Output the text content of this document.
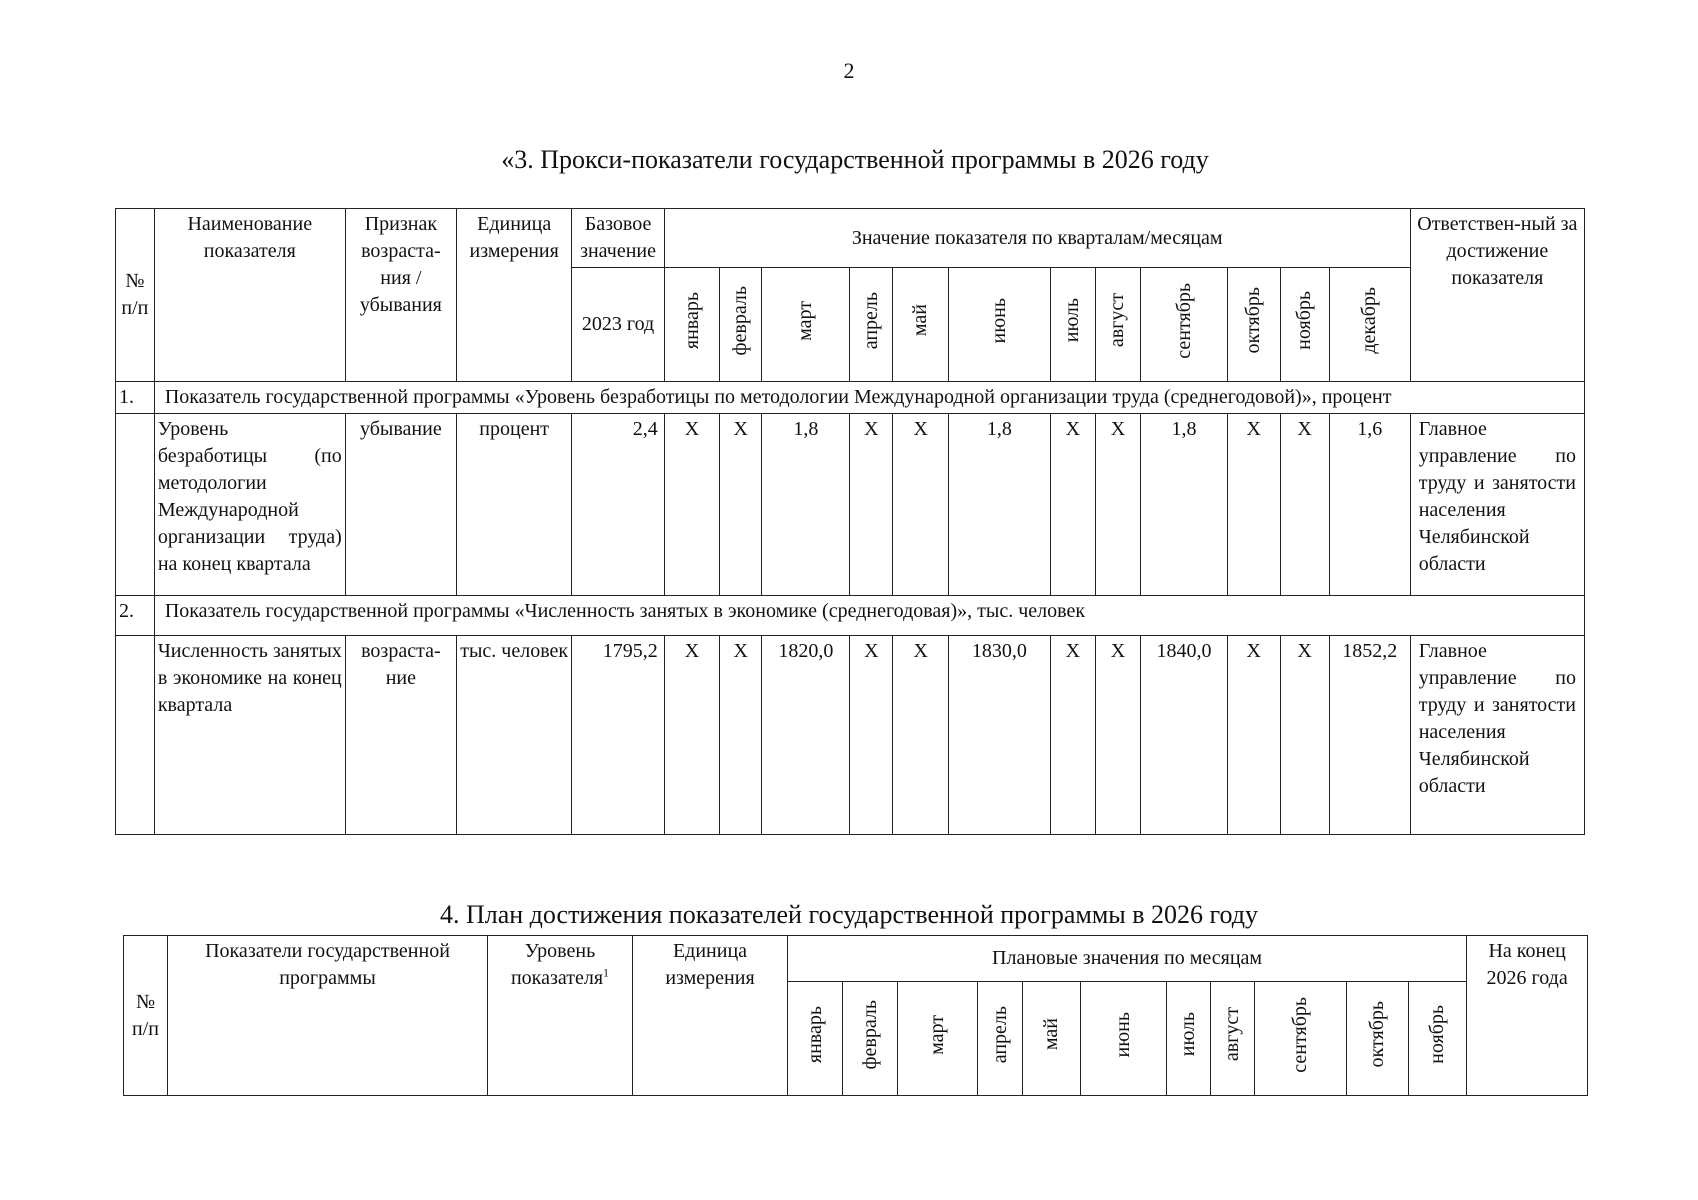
2
«3. Прокси-показатели государственной программы в 2026 году
№ п/п	Наименование показателя	Признак возраста-ния / убывания	Единица измерения	Базовое значение	Значение показателя по кварталам/месяцам												Ответствен-ный за достижение показателя
				2023 год	январь	февраль	март	апрель	май	июнь	июль	август	сентябрь	октябрь	ноябрь	декабрь	
1.	Показатель государственной программы «Уровень безработицы по методологии Международной организации труда (среднегодовой)», процент																
	Уровень безработицы (по методологии Международной организации труда) на конец квартала	убывание	процент	2,4	Х	Х	1,8	Х	Х	1,8	Х	Х	1,8	Х	Х	1,6	Главное управление по труду и занятости населения Челябинской области
2.	Показатель государственной программы «Численность занятых в экономике (среднегодовая)», тыс. человек																
	Численность занятых в экономике на конец квартала	возраста-ние	тыс. человек	1795,2	Х	Х	1820,0	Х	Х	1830,0	Х	Х	1840,0	Х	Х	1852,2	Главное управление по труду и занятости населения Челябинской области
4. План достижения показателей государственной программы в 2026 году
№ п/п	Показатели государственной программы	Уровень показателя$^1$	Единица измерения	Плановые значения по месяцам											На конец 2026 года
				январь	февраль	март	апрель	май	июнь	июль	август	сентябрь	октябрь	ноябрь	
